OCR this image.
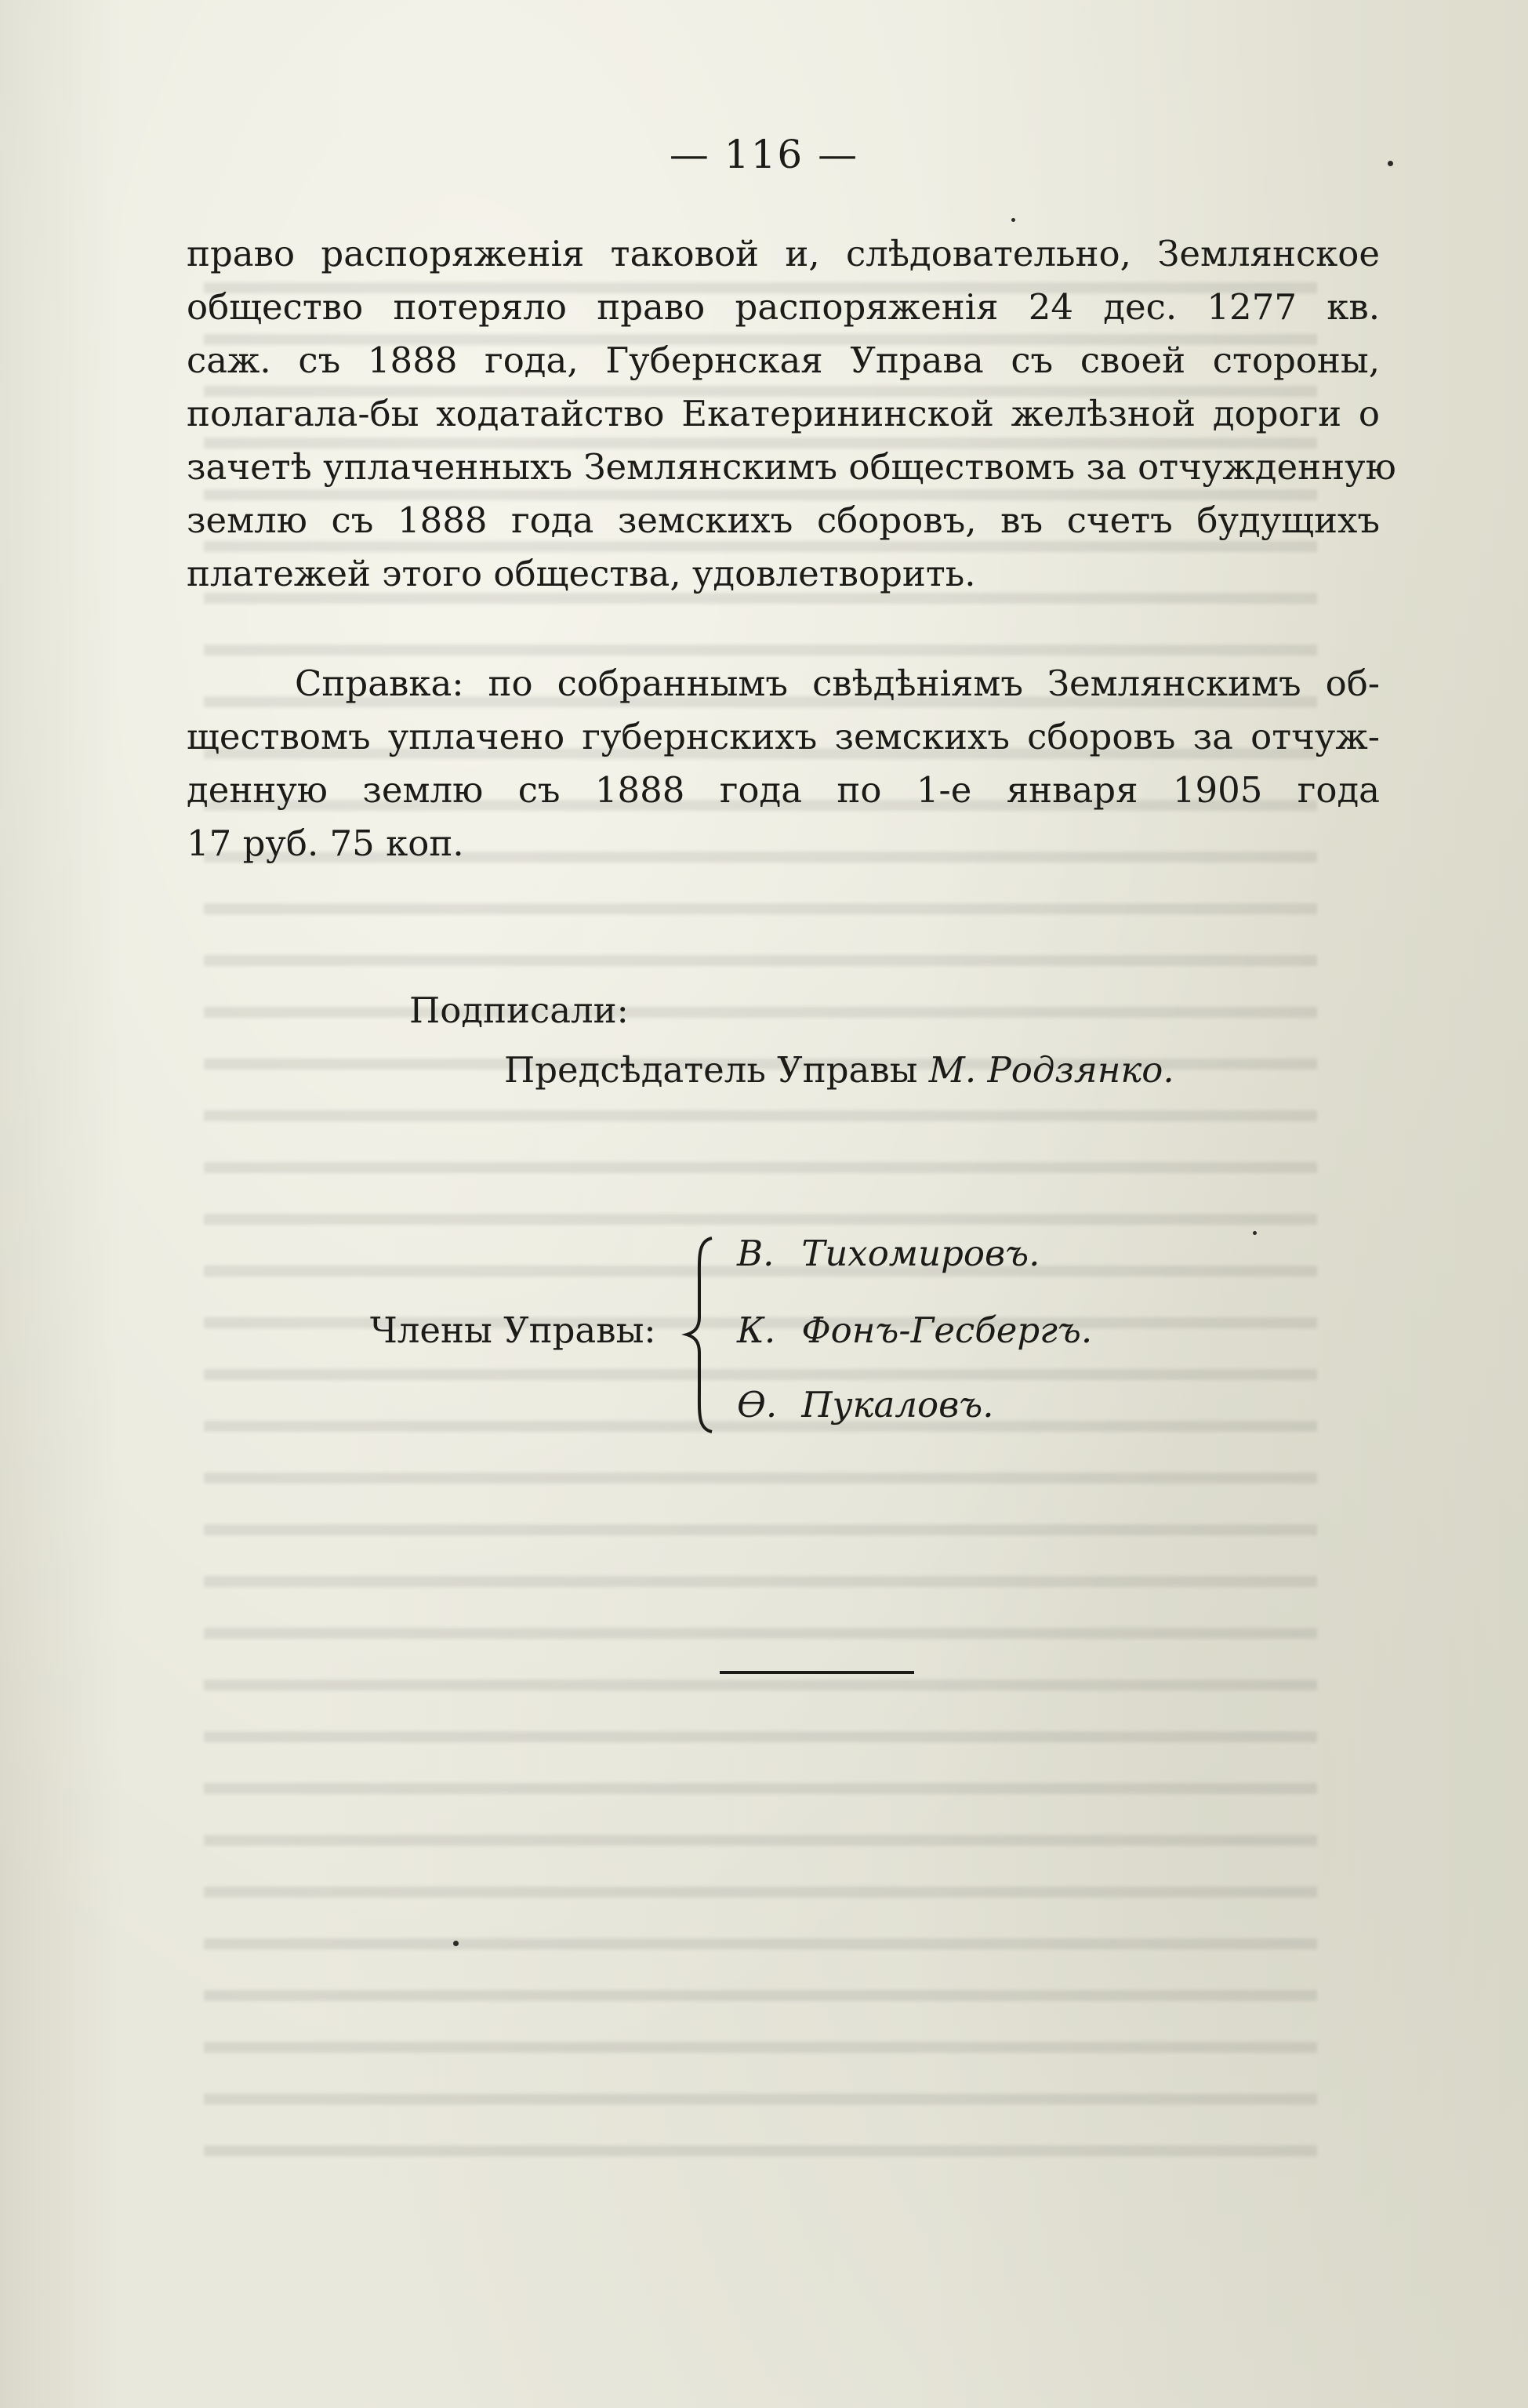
— 116 —
право распоряженія таковой и, слѣдовательно, Землянское
общество потеряло право распоряженія 24 дес. 1277 кв.
саж. съ 1888 года, Губернская Управа съ своей стороны,
полагала-бы ходатайство Екатерининской желѣзной дороги о
зачетѣ уплаченныхъ Землянскимъ обществомъ за отчужденную
землю съ 1888 года земскихъ сборовъ, въ счетъ будущихъ
платежей этого общества, удовлетворить.
Справка: по собраннымъ свѣдѣніямъ Землянскимъ об-
ществомъ уплачено губернскихъ земскихъ сборовъ за отчуж-
денную землю съ 1888 года по 1-е января 1905 года
17 руб. 75 коп.
Подписали:
Предсѣдатель Управы М. Родзянко.
Члены Управы:
В. Тихомировъ.
К. Фонъ-Гесбергъ.
Ѳ. Пукаловъ.
